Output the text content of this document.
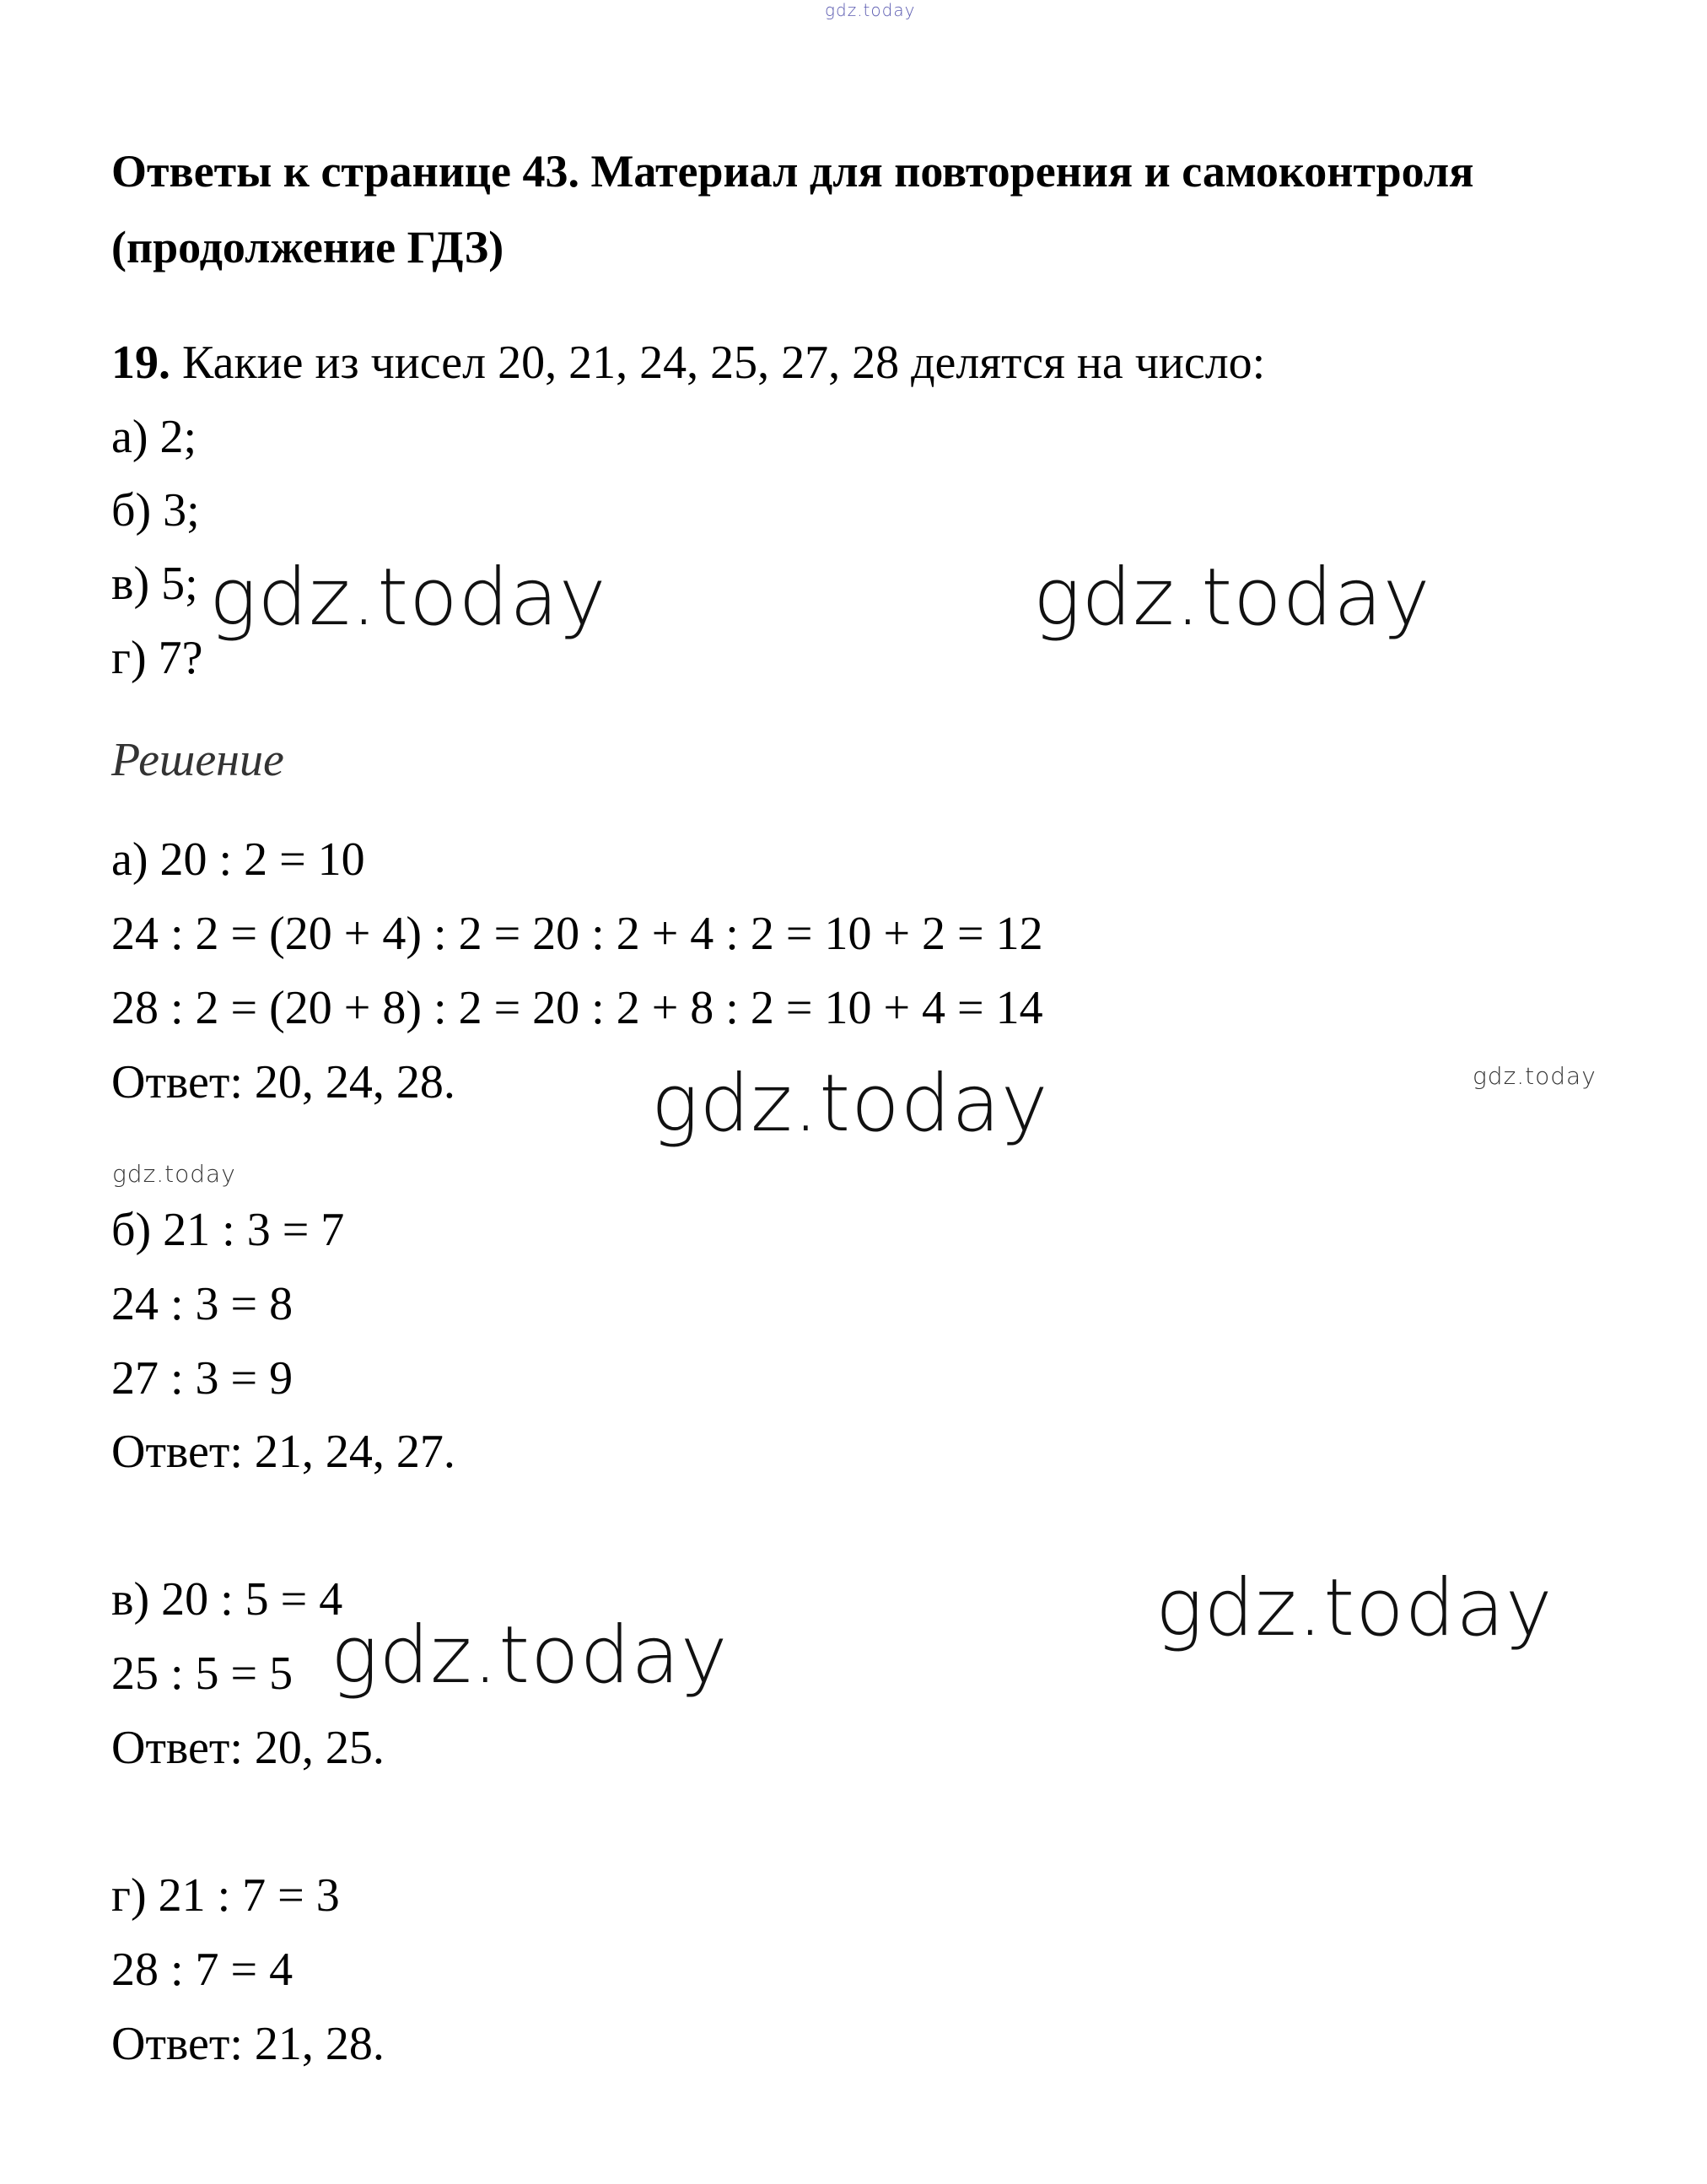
gdz.today
Ответы к странице 43. Материал для повторения и самоконтроля
(продолжение ГДЗ)
19. Какие из чисел 20, 21, 24, 25, 27, 28 делятся на число:
а) 2;
б) 3;
в) 5;
г) 7?
Решение
а) 20 : 2 = 10
24 : 2 = (20 + 4) : 2 = 20 : 2 + 4 : 2 = 10 + 2 = 12
28 : 2 = (20 + 8) : 2 = 20 : 2 + 8 : 2 = 10 + 4 = 14
Ответ: 20, 24, 28.
б) 21 : 3 = 7
24 : 3 = 8
27 : 3 = 9
Ответ: 21, 24, 27.
в) 20 : 5 = 4
25 : 5 = 5
Ответ: 20, 25.
г) 21 : 7 = 3
28 : 7 = 4
Ответ: 21, 28.
gdz.today	gdz.today
gdz.today	gdz.today
gdz.today
gdz.today
gdz.today
